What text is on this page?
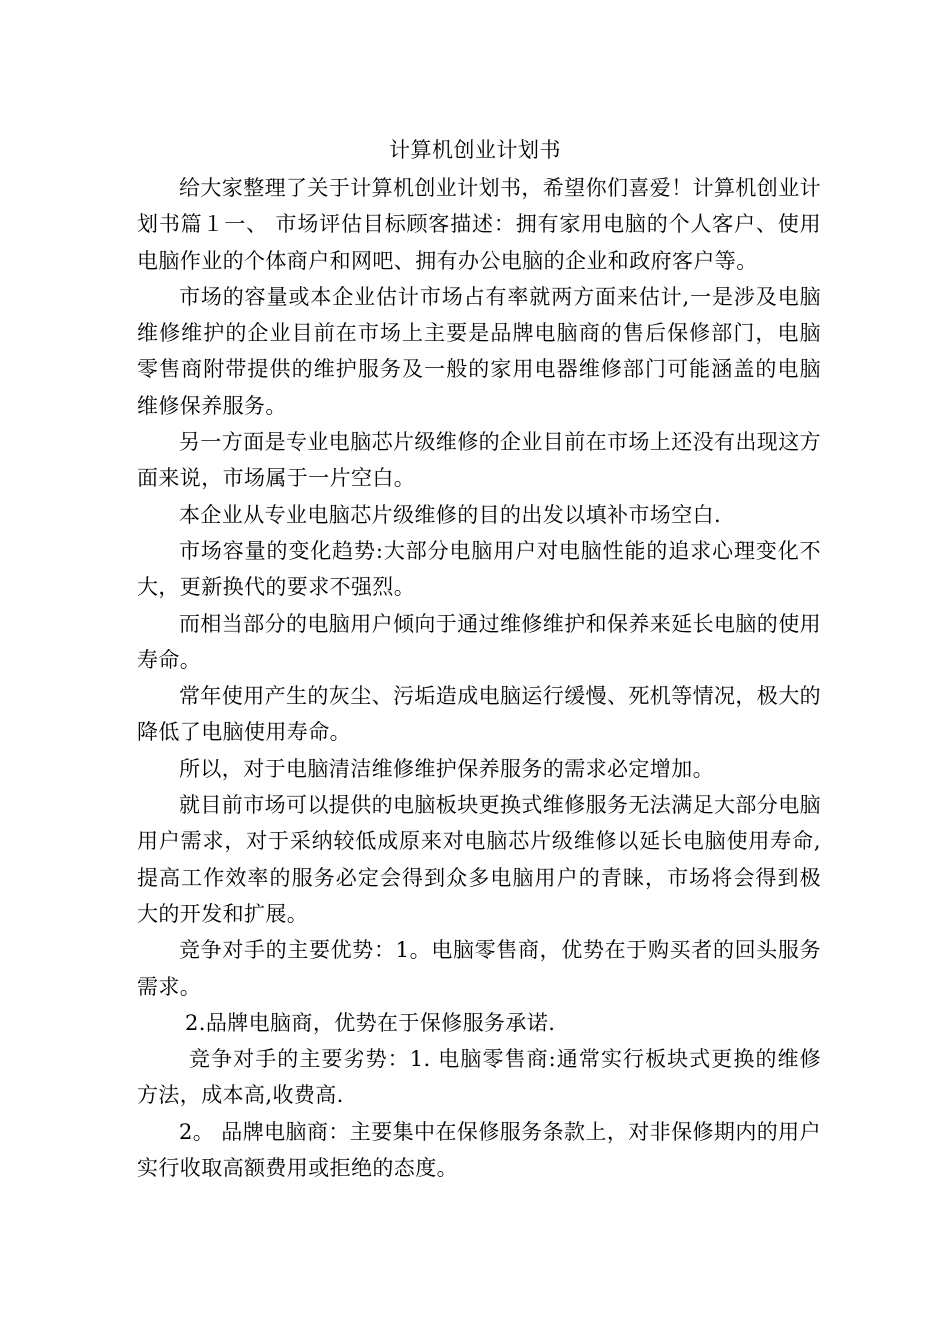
计算机创业计划书

给大家整理了关于计算机创业计划书，希望你们喜爱！计算机创业计划书篇１一、 市场评估目标顾客描述：拥有家用电脑的个人客户、使用电脑作业的个体商户和网吧、拥有办公电脑的企业和政府客户等。

市场的容量或本企业估计市场占有率就两方面来估计,一是涉及电脑维修维护的企业目前在市场上主要是品牌电脑商的售后保修部门，电脑零售商附带提供的维护服务及一般的家用电器维修部门可能涵盖的电脑维修保养服务。

另一方面是专业电脑芯片级维修的企业目前在市场上还没有出现这方面来说，市场属于一片空白。

本企业从专业电脑芯片级维修的目的出发以填补市场空白.

市场容量的变化趋势:大部分电脑用户对电脑性能的追求心理变化不大，更新换代的要求不强烈。

而相当部分的电脑用户倾向于通过维修维护和保养来延长电脑的使用寿命。

常年使用产生的灰尘、污垢造成电脑运行缓慢、死机等情况，极大的降低了电脑使用寿命。

所以，对于电脑清洁维修维护保养服务的需求必定增加。

就目前市场可以提供的电脑板块更换式维修服务无法满足大部分电脑用户需求，对于采纳较低成原来对电脑芯片级维修以延长电脑使用寿命,提高工作效率的服务必定会得到众多电脑用户的青睐，市场将会得到极大的开发和扩展。

竞争对手的主要优势：1。电脑零售商，优势在于购买者的回头服务需求。

2.品牌电脑商，优势在于保修服务承诺.

竞争对手的主要劣势：1. 电脑零售商:通常实行板块式更换的维修方法，成本高,收费高.

2。 品牌电脑商：主要集中在保修服务条款上，对非保修期内的用户实行收取高额费用或拒绝的态度。
